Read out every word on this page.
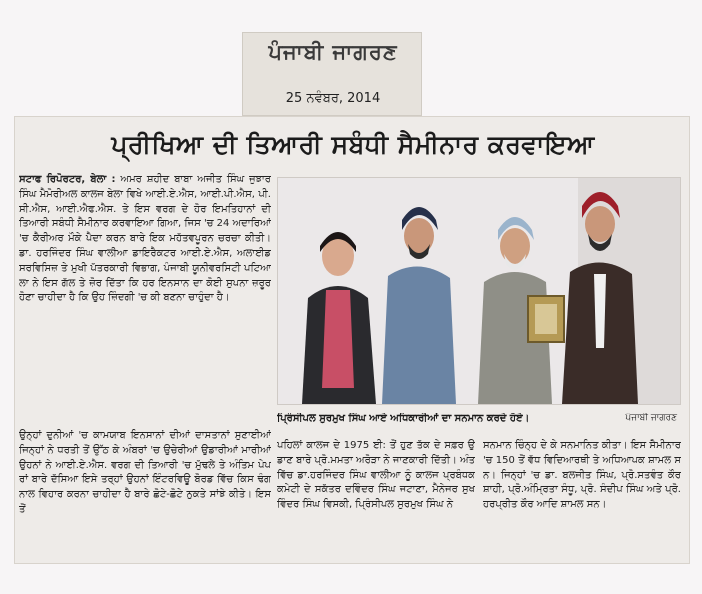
ਪੰਜਾਬੀ ਜਾਗਰਣ
25 ਨਵੰਬਰ, 2014
ਪ੍ਰੀਖਿਆ ਦੀ ਤਿਆਰੀ ਸਬੰਧੀ ਸੈਮੀਨਾਰ ਕਰਵਾਇਆ
ਸਟਾਫ ਰਿਪੋਰਟਰ, ਬੇਲਾ : ਅਮਰ ਸ਼ਹੀਦ ਬਾਬਾ ਅਜੀਤ ਸਿੰਘ ਜੁਝਾਰ ਸਿੰਘ ਮੈਮੋਰੀਅਲ ਕਾਲਜ ਬੇਲਾ ਵਿਖੇ ਆਈ.ਏ.ਐਸ, ਆਈ.ਪੀ.ਐਸ, ਪੀ. ਸੀ.ਐਸ, ਆਈ.ਐਫ.ਐਸ. ਤੇ ਇਸ ਵਰਗ ਦੇ ਹੋਰ ਇਮਤਿਹਾਨਾਂ ਦੀ ਤਿਆਰੀ ਸਬੰਧੀ ਸੈਮੀਨਾਰ ਕਰਵਾਇਆ ਗਿਆ, ਜਿਸ 'ਚ 24 ਅਦਾਰਿਆਂ 'ਚ ਕੈਰੀਅਰ ਮੌਕੇ ਪੈਦਾ ਕਰਨ ਬਾਰੇ ਇਕ ਮਹੱਤਵਪੂਰਨ ਚਰਚਾ ਕੀਤੀ। ਡਾ. ਹਰਜਿੰਦਰ ਸਿੰਘ ਵਾਲੀਆ ਡਾਇਰੈਕਟਰ ਆਈ.ਏ.ਐਸ, ਅਲਾਈਡ ਸਰਵਿਸਿਜ਼ ਤੇ ਮੁਖੀ ਪੱਤਰਕਾਰੀ ਵਿਭਾਗ, ਪੰਜਾਬੀ ਯੂਨੀਵਰਸਿਟੀ ਪਟਿਆਲਾ ਨੇ ਇਸ ਗੱਲ ਤੇ ਜ਼ੋਰ ਦਿੱਤਾ ਕਿ ਹਰ ਇਨਸਾਨ ਦਾ ਕੋਈ ਸੁਪਨਾ ਜ਼ਰੂਰ ਹੋਣਾ ਚਾਹੀਦਾ ਹੈ ਕਿ ਉਹ ਜ਼ਿੰਦਗੀ 'ਚ ਕੀ ਬਣਨਾ ਚਾਹੁੰਦਾ ਹੈ।
ਉਨ੍ਹਾਂ ਦੁਨੀਆਂ 'ਚ ਕਾਮਯਾਬ ਇਨਸਾਨਾਂ ਦੀਆਂ ਦਾਸਤਾਨਾਂ ਸੁਣਾਈਆਂ ਜਿਨ੍ਹਾਂ ਨੇ ਧਰਤੀ ਤੋਂ ਉੱਠ ਕੇ ਅੰਬਰਾਂ 'ਚ ਉਚੇਰੀਆਂ ਉਡਾਰੀਆਂ ਮਾਰੀਆਂ ਉਹਨਾਂ ਨੇ ਆਈ.ਏ.ਐਸ. ਵਰਗ ਦੀ ਤਿਆਰੀ 'ਚ ਮੁੱਢਲੇ ਤੇ ਅੰਤਿਮ ਪੇਪਰਾਂ ਬਾਰੇ ਦੱਸਿਆ ਇਸੇ ਤਰ੍ਹਾਂ ਉਹਨਾਂ ਇੰਟਰਵਿਊ ਬੋਰਡ ਵਿੱਚ ਕਿਸ ਢੰਗ ਨਾਲ ਵਿਹਾਰ ਕਰਨਾ ਚਾਹੀਦਾ ਹੈ ਬਾਰੇ ਛੋਟੇ-ਛੋਟੇ ਨੁਕਤੇ ਸਾਂਝੇ ਕੀਤੇ। ਇਸ ਤੋਂ
ਪ੍ਰਿੰਸੀਪਲ ਸੁਰਮੁਖ ਸਿੰਘ ਆਏ ਅਧਿਕਾਰੀਆਂ ਦਾ ਸਨਮਾਨ ਕਰਦੇ ਹੋਏ।	ਪੰਜਾਬੀ ਜਾਗਰਣ
ਪਹਿਲਾਂ ਕਾਲਜ ਦੇ 1975 ਈ: ਤੋਂ ਹੁਣ ਤੱਕ ਦੇ ਸਫ਼ਰ ਉਡਾਣ ਬਾਰੇ ਪ੍ਰੋ.ਮਮਤਾ ਅਰੋੜਾ ਨੇ ਜਾਣਕਾਰੀ ਦਿੱਤੀ। ਅੰਤ ਵਿੱਚ ਡਾ.ਹਰਜਿੰਦਰ ਸਿੰਘ ਵਾਲੀਆ ਨੂੰ ਕਾਲਜ ਪ੍ਰਬੰਧਕ ਕਮੇਟੀ ਦੇ ਸਕੱਤਰ ਦਵਿੰਦਰ ਸਿੰਘ ਜਟਾਣਾ, ਮੈਨੇਜਰ ਸੁਖਵਿੰਦਰ ਸਿੰਘ ਵਿਸਕੀ, ਪ੍ਰਿੰਸੀਪਲ ਸੁਰਮੁਖ ਸਿੰਘ ਨੇ
ਸਨਮਾਨ ਚਿੰਨ੍ਹ ਦੇ ਕੇ ਸਨਮਾਨਿਤ ਕੀਤਾ। ਇਸ ਸੈਮੀਨਾਰ 'ਚ 150 ਤੋਂ ਵੱਧ ਵਿਦਿਆਰਥੀ ਤੇ ਅਧਿਆਪਕ ਸ਼ਾਮਲ ਸਨ। ਜਿਨ੍ਹਾਂ 'ਚ ਡਾ. ਬਲਜੀਤ ਸਿੰਘ, ਪ੍ਰੋ.ਸਤਵੰਤ ਕੌਰ ਸ਼ਾਹੀ, ਪ੍ਰੋ.ਅੰਮ੍ਰਿਤਾ ਸੰਧੂ, ਪ੍ਰੋ. ਸੰਦੀਪ ਸਿੰਘ ਅਤੇ ਪ੍ਰੋ. ਹਰਪ੍ਰੀਤ ਕੌਰ ਆਦਿ ਸ਼ਾਮਲ ਸਨ।
